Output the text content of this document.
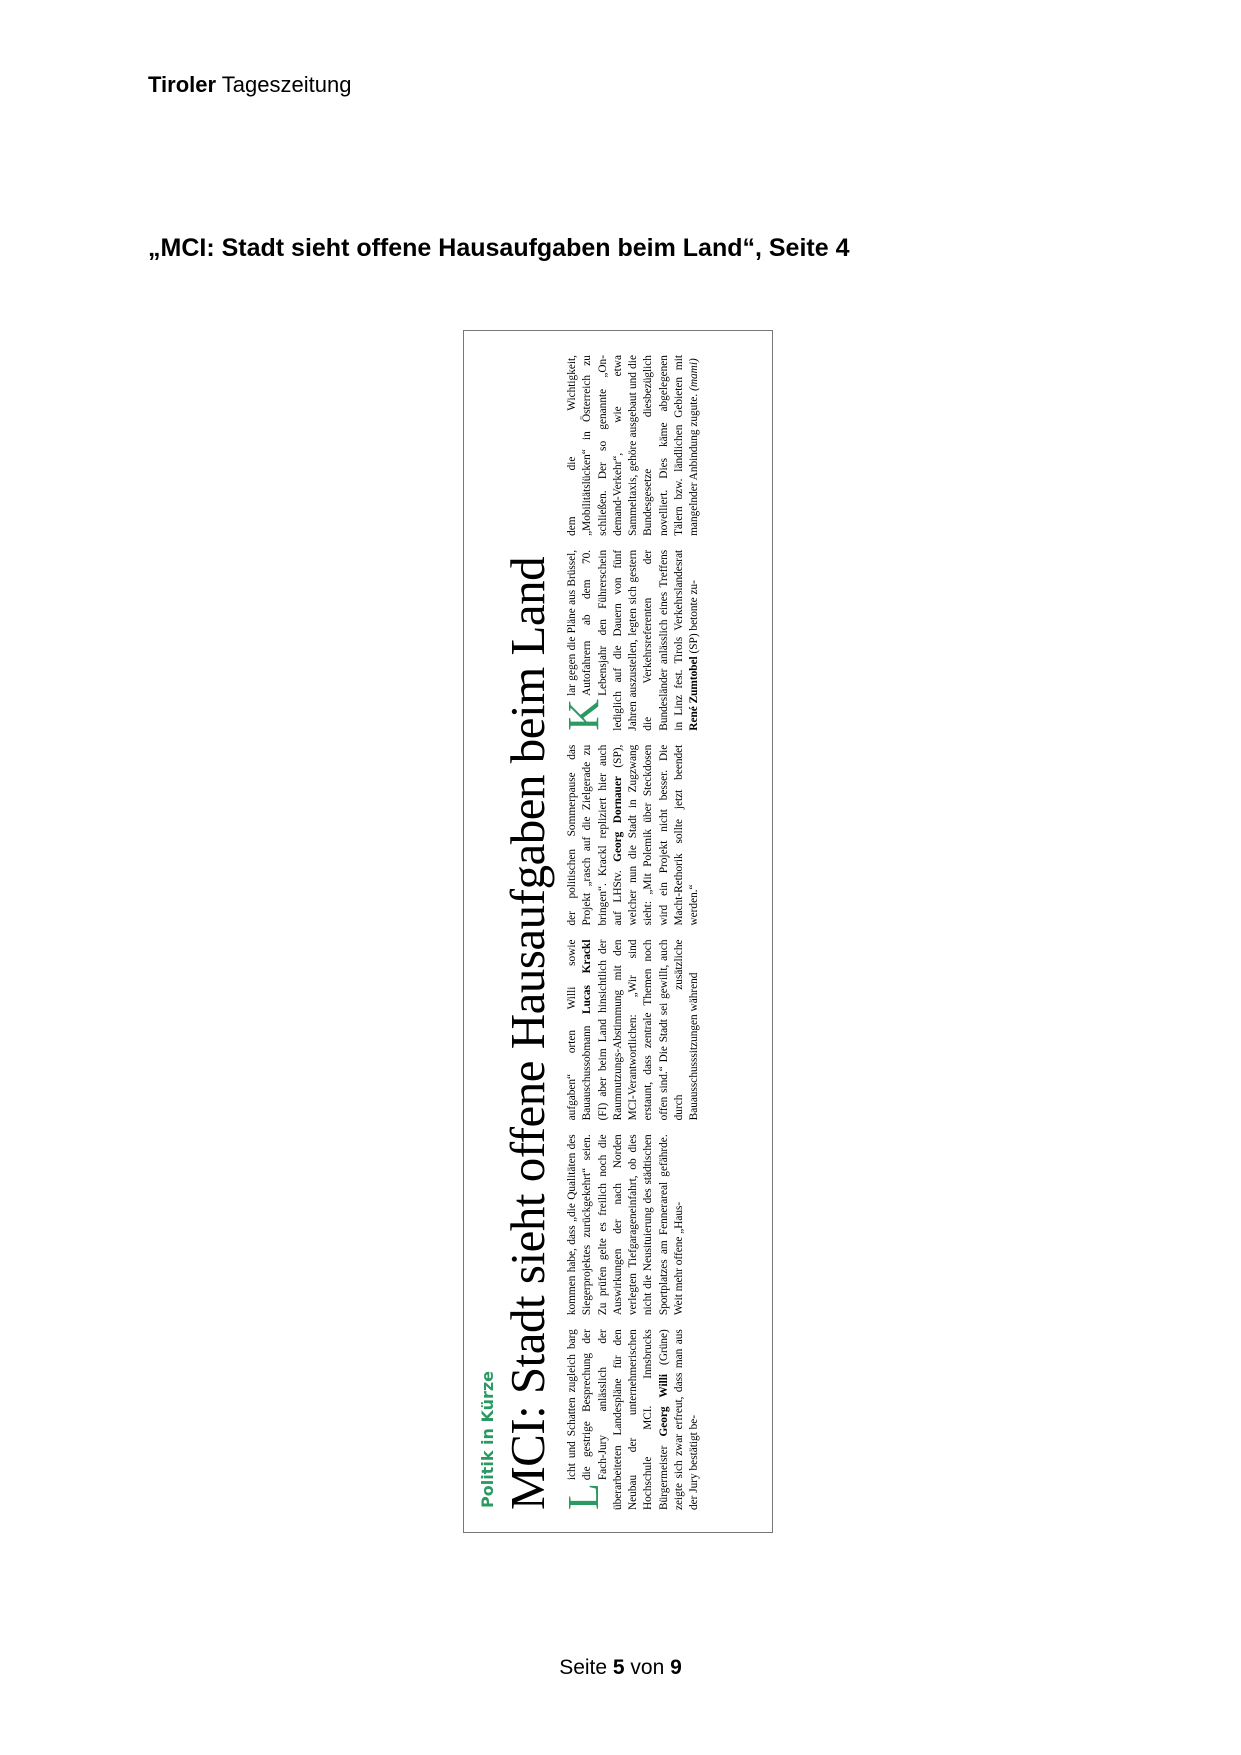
Tiroler Tageszeitung
„MCI: Stadt sieht offene Hausaufgaben beim Land“, Seite 4
Politik in Kürze MCI: Stadt sieht offene Hausaufgaben beim Land L
icht und Schatten zugleich barg die gestrige Besprechung der Fach-Jury anlässlich der überarbeiteten Landespläne für den Neubau der unternehmerischen Hochschule MCI. Innsbrucks Bürgermeister Georg Willi (Grüne) zeigte sich zwar erfreut, dass man aus der Jury bestätigt be-

kommen habe, dass „die Qualitäten des Siegerprojektes zurückgekehrt“ seien. Zu prüfen gelte es freilich noch die Auswirkungen der nach Norden verlegten Tiefgarageneinfahrt, ob dies nicht die Neusituierung des städtischen Sportplatzes am Fennerareal gefährde. Weit mehr offene „Haus-

aufgaben“ orten Willi sowie Bauauschussobmann Lucas Krackl (FI) aber beim Land hinsichtlich der Raumnutzungs-Abstimmung mit den MCI-Verantwortlichen: „Wir sind erstaunt, dass zentrale Themen noch offen sind.“ Die Stadt sei gewillt, auch durch zusätzliche Bauausschusssitzungen während

der politischen Sommerpause das Projekt „rasch auf die Zielgerade zu bringen“. Krackl repliziert hier auch auf LHStv. Georg Dornauer (SP), welcher nun die Stadt in Zugzwang sieht: „Mit Polemik über Steckdosen wird ein Projekt nicht besser. Die Macht-Rethorik sollte jetzt beendet werden.“

K
lar gegen die Pläne aus Brüssel, Autofahrern ab dem 70. Lebensjahr den Führerschein lediglich auf die Dauern von fünf Jahren auszustellen, legten sich gestern die Verkehrsreferenten der Bundesländer anlässlich eines Treffens in Linz fest. Tirols Verkehrslandesrat René Zumtobel (SP) betonte zu-

dem die Wichtigkeit, „Mobilitätslücken“ in Österreich zu schließen. Der so genannte „On-demand-Verkehr“, wie etwa Sammeltaxis, gehöre ausgebaut und die Bundesgesetze diesbezüglich novelliert. Dies käme abgelegenen Tälern bzw. ländlichen Gebieten mit mangelnder Anbindung zugute. (mami)

Seite 5 von 9
